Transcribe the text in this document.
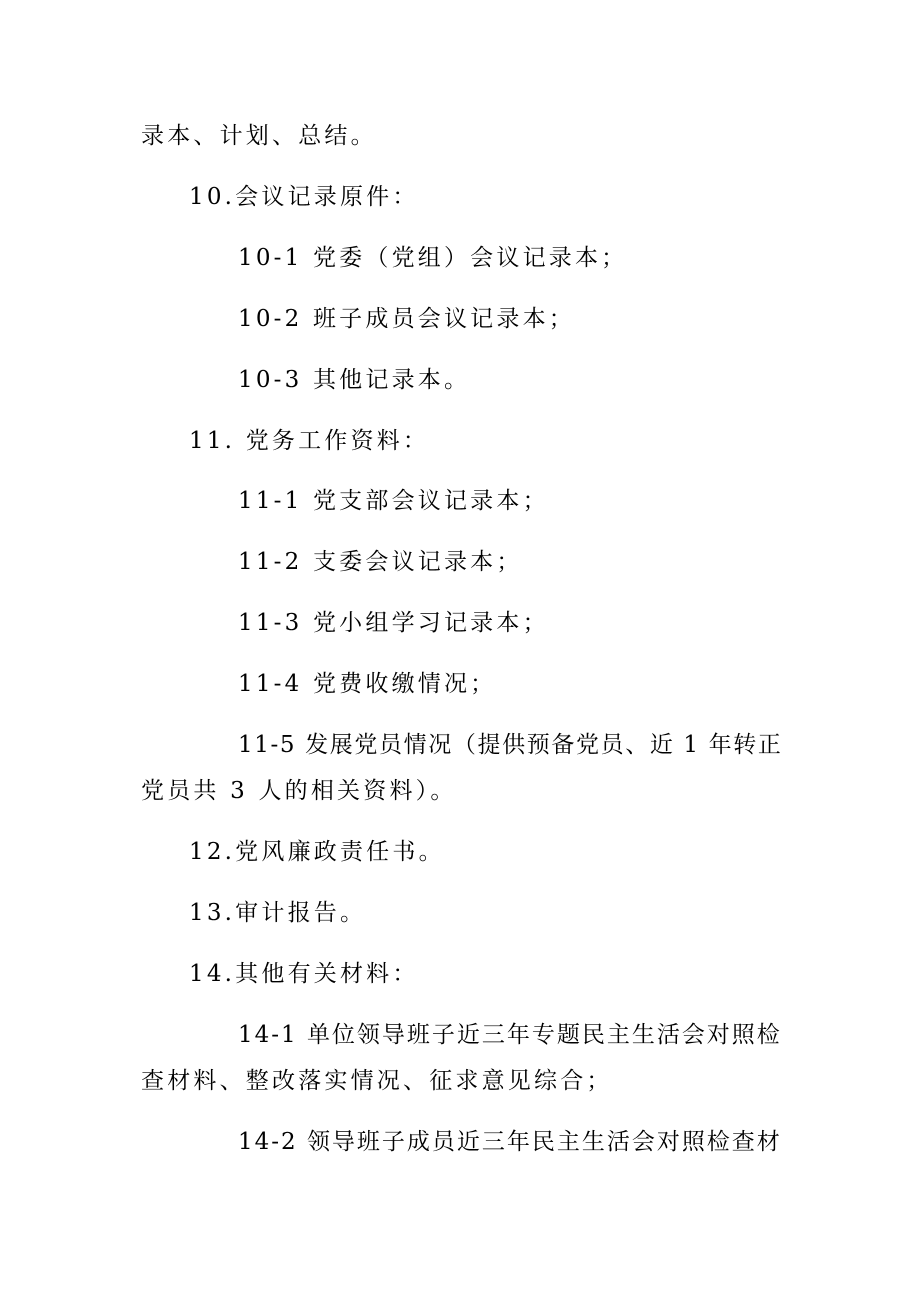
录本、计划、总结。
10.会议记录原件：
10-1 党委（党组）会议记录本；
10-2 班子成员会议记录本；
10-3 其他记录本。
11. 党务工作资料：
11-1 党支部会议记录本；
11-2 支委会议记录本；
11-3 党小组学习记录本；
11-4 党费收缴情况；
11-5 发展党员情况（提供预备党员、近 1 年转正
党员共 3 人的相关资料）。
12.党风廉政责任书。
13.审计报告。
14.其他有关材料：
14-1 单位领导班子近三年专题民主生活会对照检
查材料、整改落实情况、征求意见综合；
14-2 领导班子成员近三年民主生活会对照检查材
